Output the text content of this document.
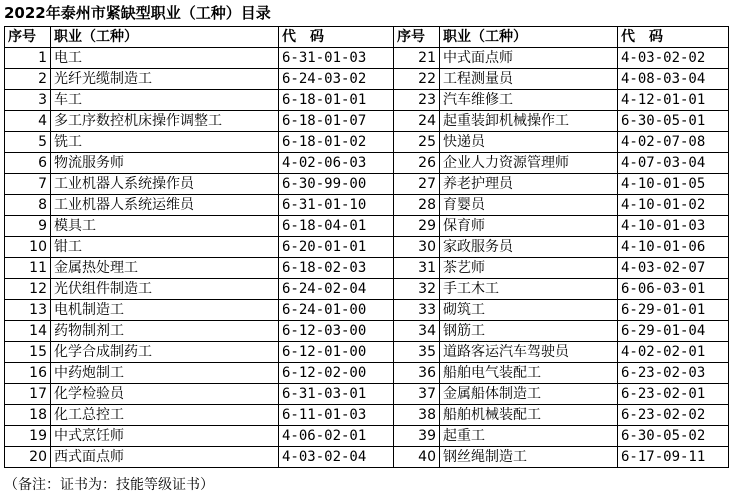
2022年泰州市紧缺型职业（工种）目录
序号	职业（工种）	代　码	序号	职业（工种）	代　码
1	电工	6-31-01-03	21	中式面点师	4-03-02-02
2	光纤光缆制造工	6-24-03-02	22	工程测量员	4-08-03-04
3	车工	6-18-01-01	23	汽车维修工	4-12-01-01
4	多工序数控机床操作调整工	6-18-01-07	24	起重装卸机械操作工	6-30-05-01
5	铣工	6-18-01-02	25	快递员	4-02-07-08
6	物流服务师	4-02-06-03	26	企业人力资源管理师	4-07-03-04
7	工业机器人系统操作员	6-30-99-00	27	养老护理员	4-10-01-05
8	工业机器人系统运维员	6-31-01-10	28	育婴员	4-10-01-02
9	模具工	6-18-04-01	29	保育师	4-10-01-03
10	钳工	6-20-01-01	30	家政服务员	4-10-01-06
11	金属热处理工	6-18-02-03	31	茶艺师	4-03-02-07
12	光伏组件制造工	6-24-02-04	32	手工木工	6-06-03-01
13	电机制造工	6-24-01-00	33	砌筑工	6-29-01-01
14	药物制剂工	6-12-03-00	34	钢筋工	6-29-01-04
15	化学合成制药工	6-12-01-00	35	道路客运汽车驾驶员	4-02-02-01
16	中药炮制工	6-12-02-00	36	船舶电气装配工	6-23-02-03
17	化学检验员	6-31-03-01	37	金属船体制造工	6-23-02-01
18	化工总控工	6-11-01-03	38	船舶机械装配工	6-23-02-02
19	中式烹饪师	4-06-02-01	39	起重工	6-30-05-02
20	西式面点师	4-03-02-04	40	钢丝绳制造工	6-17-09-11
（备注：证书为：技能等级证书）
